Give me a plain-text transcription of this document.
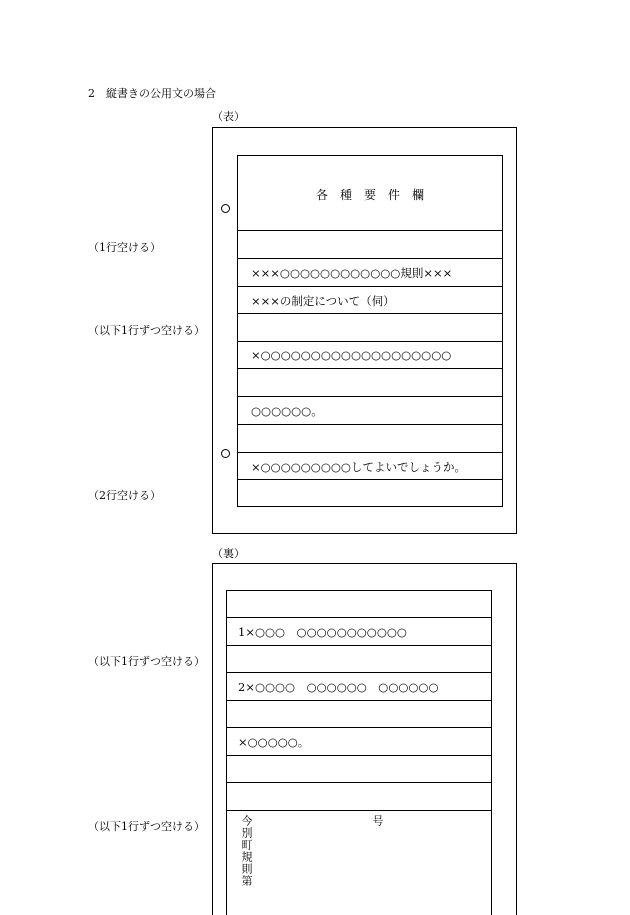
2　縦書きの公用文の場合
（1行空ける）
（以下1行ずつ空ける）
（2行空ける）
（以下1行ずつ空ける）
（以下1行ずつ空ける）
（表）
各種要件欄
×××○○○○○○○○○○○○規則×××
×××の制定について（伺）
×○○○○○○○○○○○○○○○○○○○
○○○○○○。
×○○○○○○○○○してよいでしょうか。
（裏）
1×○○○　○○○○○○○○○○○
2×○○○○　○○○○○○　○○○○○○
×○○○○○。
今別町規則第	号
